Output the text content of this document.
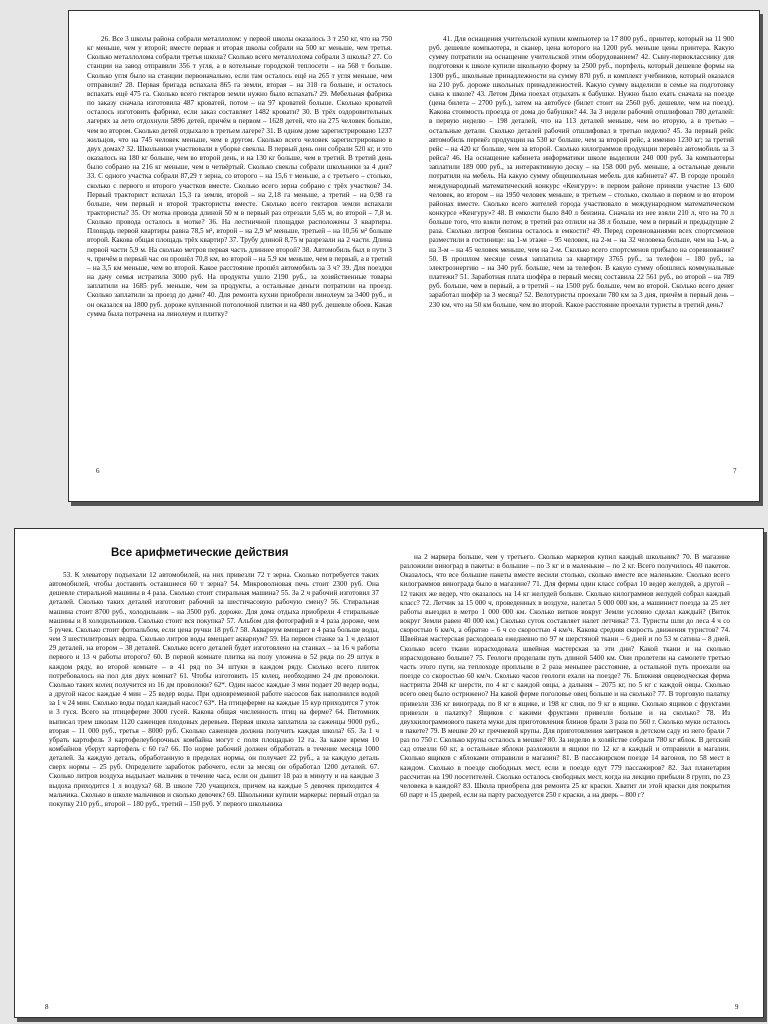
26. Все 3 школы района собрали металлолом: у первой школы оказалось 3 т 250 кг, что на 750 кг меньше, чем у второй; вместе первая и вторая школы собрали на 500 кг меньше, чем третья. Сколько металлолома собрали третья школа? Сколько всего металлолома собрали 3 школы? 27. Со станции на завод отправили 356 т угля, а в котельные городской теплосети – на 568 т больше. Сколько угля было на станции первоначально, если там осталось ещё на 265 т угля меньше, чем отправили? 28. Первая бригада вспахала 865 га земли, вторая – на 318 га больше, и осталось вспахать ещё 475 га. Сколько всего гектаров земли нужно было вспахать? 29. Мебельная фабрика по заказу сначала изготовила 487 кроватей, потом – на 97 кроватей больше. Сколько кроватей осталось изготовить фабрике, если заказ составляет 1482 кровати? 30. В трёх оздоровительных лагерях за лето отдохнули 5896 детей, причём в первом – 1628 детей, что на 275 человек больше, чем во втором. Сколько детей отдыхало в третьем лагере? 31. В одном доме зарегистрировано 1237 жильцов, что на 745 человек меньше, чем в другом. Сколько всего человек зарегистрировано в двух домах? 32. Школьники участвовали в уборке свеклы. В первый день они собрали 520 кг, и это оказалось на 180 кг больше, чем во второй день, и на 130 кг больше, чем в третий. В третий день было собрано на 216 кг меньше, чем в четвёртый. Сколько свеклы собрали школьники за 4 дня? 33. С одного участка собрали 87,29 т зерна, со второго – на 15,6 т меньше, а с третьего – столько, сколько с первого и второго участков вместе. Сколько всего зерна собрано с трёх участков? 34. Первый тракторист вспахал 15,3 га земли, второй – на 2,18 га меньше, а третий – на 0,98 га больше, чем первый и второй трактористы вместе. Сколько всего гектаров земли вспахали трактористы? 35. От мотка провода длиной 50 м в первый раз отрезали 5,65 м, во второй – 7,8 м. Сколько провода осталось в мотке? 36. На лестничной площадке расположены 3 квартиры. Площадь первой квартиры равна 78,5 м², второй – на 2,9 м² меньше, третьей – на 10,56 м² больше второй. Какова общая площадь трёх квартир? 37. Трубу длиной 8,75 м разрезали на 2 части. Длина первой части 5,9 м. На сколько метров первая часть длиннее второй? 38. Автомобиль был в пути 3 ч, причём в первый час он прошёл 70,8 км, во второй – на 5,9 км меньше, чем в первый, а в третий – на 3,5 км меньше, чем во второй. Какое расстояние прошёл автомобиль за 3 ч? 39. Для поездки на дачу семья истратила 3000 руб. На продукты ушло 2190 руб., за хозяйственные товары заплатили на 1685 руб. меньше, чем за продукты, а остальные деньги потратили на проезд. Сколько заплатили за проезд до дачи? 40. Для ремонта кухни приобрели линолеум за 3400 руб., и он оказался на 1800 руб. дороже купленной потолочной плитки и на 480 руб. дешевле обоев. Какая сумма была потрачена на линолеум и плитку?

41. Для оснащения учительской купили компьютер за 17 800 руб., принтер, который на 11 900 руб. дешевле компьютера, и сканер, цена которого на 1200 руб. меньше цены принтера. Какую сумму потратили на оснащение учительской этим оборудованием? 42. Сыну-первокласснику для подготовки к школе купили школьную форму за 2500 руб., портфель, который дешевле формы на 1300 руб., школьные принадлежности на сумму 870 руб. и комплект учебников, который оказался на 210 руб. дороже школьных принадлежностей. Какую сумму выделили в семье на подготовку сына к школе? 43. Летом Дима поехал отдыхать к бабушке. Нужно было ехать сначала на поезде (цена билета – 2700 руб.), затем на автобусе (билет стоит на 2560 руб. дешевле, чем на поезд). Какова стоимость проезда от дома до бабушки? 44. За 3 недели рабочий отшлифовал 780 деталей: в первую неделю – 198 деталей, что на 113 деталей меньше, чем во вторую, а в третью – остальные детали. Сколько деталей рабочий отшлифовал в третью неделю? 45. За первый рейс автомобиль перевёз продукции на 530 кг больше, чем за второй рейс, а именно 1230 кг; за третий рейс – на 420 кг больше, чем за второй. Сколько килограммов продукции перевёз автомобиль за 3 рейса? 46. На оснащение кабинета информатики школе выделили 240 000 руб. За компьютеры заплатили 189 000 руб., за интерактивную доску – на 158 000 руб. меньше, а остальные деньги потратили на мебель. На какую сумму общешкольная мебель для кабинета? 47. В городе прошёл международный математический конкурс «Кенгуру»: в первом районе приняли участие 13 600 человек, во втором – на 1950 человек меньше, в третьем – столько, сколько в первом и во втором районах вместе. Сколько всего жителей города участвовало в международном математическом конкурсе «Кенгуру»? 48. В емкости было 840 л бензина. Сначала из нее взяли 210 л, что на 70 л больше того, что взяли потом; в третий раз отлили на 38 л больше, чем в первый и предыдущие 2 раза. Сколько литров бензина осталось в емкости? 49. Перед соревнованиями всех спортсменов разместили в гостинице: на 1-м этаже – 95 человек, на 2-м – на 32 человека больше, чем на 1-м, а на 3-м – на 45 человек меньше, чем на 2-м. Сколько всего спортсменов прибыло на соревнования? 50. В прошлом месяце семья заплатила за квартиру 3765 руб., за телефон – 180 руб., за электроэнергию – на 340 руб. больше, чем за телефон. В какую сумму обошлись коммунальные платежи? 51. Заработная плата шофёра в первый месяц составила 22 561 руб., во второй – на 789 руб. больше, чем в первый, а в третий – на 1500 руб. больше, чем во второй. Сколько всего денег заработал шофёр за 3 месяца? 52. Велотуристы проехали 780 км за 3 дня, причём в первый день – 230 км, что на 50 км больше, чем во второй. Какое расстояние проехали туристы в третий день?

6	7
Все арифметические действия

53. К элеватору подъехали 12 автомобилей, на них привезли 72 т зерна. Сколько потребуется таких автомобилей, чтобы доставить оставшиеся 60 т зерна? 54. Микроволновая печь стоит 2300 руб. Она дешевле стиральной машины в 4 раза. Сколько стоит стиральная машина? 55. За 2 ч рабочий изготовил 37 деталей. Сколько таких деталей изготовит рабочий за шестичасовую рабочую смену? 56. Стиральная машина стоит 8700 руб., холодильник – на 3500 руб. дороже. Для дома отдыха приобрели 4 стиральные машины и 8 холодильников. Сколько стоит вся покупка? 57. Альбом для фотографий в 4 раза дороже, чем 5 ручек. Сколько стоит фотоальбом, если цена ручки 18 руб.? 58. Аквариум вмещает в 4 раза больше воды, чем 3 шестилитровых ведра. Сколько литров воды вмещает аквариум? 59. На первом станке за 1 ч делают 29 деталей, на втором – 38 деталей. Сколько всего деталей будет изготовлено на станках – за 16 ч работы первого и 13 ч работы второго? 60. В первой комнате плитка на полу уложена в 52 ряда по 29 штук в каждом ряду, во второй комнате – в 41 ряд по 34 штуки в каждом ряду. Сколько всего плиток потребовалось на пол для двух комнат? 61. Чтобы изготовить 15 колец, необходимо 24 дм проволоки. Сколько таких колец получится из 16 дм проволоки? 62*. Один насос каждые 3 мин подает 20 ведер воды, а другой насос каждые 4 мин – 25 ведер воды. При одновременной работе насосов бак наполнился водой за 1 ч 24 мин. Сколько воды подал каждый насос? 63*. На птицеферме на каждые 15 кур приходится 7 уток и 3 гуся. Всего на птицеферме 3000 гусей. Какова общая численность птиц на ферме? 64. Питомник выписал трем школам 1120 саженцев плодовых деревьев. Первая школа заплатила за саженцы 9000 руб., вторая – 11 000 руб., третья – 8000 руб. Сколько саженцев должна получить каждая школа? 65. За 1 ч убрать картофель 3 картофелеуборочных комбайна могут с поля площадью 12 га. За какое время 10 комбайнов уберут картофель с 60 га? 66. По норме рабочий должен обработать в течение месяца 1000 деталей. За каждую деталь, обработанную в пределах нормы, он получает 22 руб., а за каждую деталь сверх нормы – 25 руб. Определите заработок рабочего, если за месяц он обработал 1200 деталей. 67. Сколько литров воздуха выдыхает мальчик в течение часа, если он дышит 18 раз в минуту и на каждые 3 выдоха приходится 1 л воздуха? 68. В школе 720 учащихся, причем на каждые 5 девочек приходится 4 мальчика. Сколько в школе мальчиков и сколько девочек? 69. Школьники купили маркеры: первый отдал за покупку 210 руб., второй – 180 руб., третий – 150 руб. У первого школьника

на 2 маркера больше, чем у третьего. Сколько маркеров купил каждый школьник? 70. В магазине разложили виноград в пакеты: в большие – по 3 кг и в маленькие – по 2 кг. Всего получилось 40 пакетов. Оказалось, что все большие пакеты вместе весили столько, сколько вместе все маленькие. Сколько всего килограммов винограда было в магазине? 71. Для фермы один класс собрал 10 ведер желудей, а другой – 12 таких же ведер, что оказалось на 14 кг желудей больше. Сколько килограммов желудей собрал каждый класс? 72. Летчик за 15 000 ч, проведенных в воздухе, налетал 5 000 000 км, а машинист поезда за 25 лет работы выездил в метро 1 000 000 км. Сколько витков вокруг Земли условно сделал каждый? (Виток вокруг Земли равен 40 000 км.) Сколько суток составляет налет летчика? 73. Туристы шли до леса 4 ч со скоростью 6 км/ч, а обратно – 6 ч со скоростью 4 км/ч. Какова средняя скорость движения туристов? 74. Швейная мастерская расходовала ежедневно по 97 м шерстяной ткани – 6 дней и по 53 м сатина – 8 дней. Сколько всего ткани израсходовала швейная мастерская за эти дни? Какой ткани и на сколько израсходовано больше? 75. Геологи проделали путь длиной 5400 км. Они пролетели на самолете третью часть этого пути, на теплоходе проплыли в 2 раза меньшее расстояние, а остальной путь проехали на поезде со скоростью 60 км/ч. Сколько часов геологи ехали на поезде? 76. Ближняя овцеводческая ферма настригла 2048 кг шерсти, по 4 кг с каждой овцы, а дальняя – 2075 кг, по 5 кг с каждой овцы. Сколько всего овец было острижено? На какой ферме поголовье овец больше и на сколько? 77. В торговую палатку привезли 336 кг винограда, по 8 кг в ящике, и 198 кг слив, по 9 кг в ящике. Сколько ящиков с фруктами привезли в палатку? Ящиков с какими фруктами привезли больше и на сколько? 78. Из двухкилограммового пакета муки для приготовления блинов брали 3 раза по 560 г. Сколько муки осталось в пакете? 79. В мешке 20 кг гречневой крупы. Для приготовления завтраков в детском саду из него брали 7 раз по 750 г. Сколько крупы осталось в мешке? 80. За неделю в хозяйстве собрали 780 кг яблок. В детский сад отвезли 60 кг, а остальные яблоки разложили в ящики по 12 кг в каждый и отправили в магазин. Сколько ящиков с яблоками отправили в магазин? 81. В пассажирском поезде 14 вагонов, по 58 мест в каждом. Сколько в поезде свободных мест, если в поезде едут 779 пассажиров? 82. Зал планетария рассчитан на 190 посетителей. Сколько осталось свободных мест, когда на лекцию прибыли 8 групп, по 23 человека в каждой? 83. Школа приобрела для ремонта 25 кг краски. Хватит ли этой краски для покрытия 60 парт и 15 дверей, если на парту расходуется 250 г краски, а на дверь – 800 г?

8	9
